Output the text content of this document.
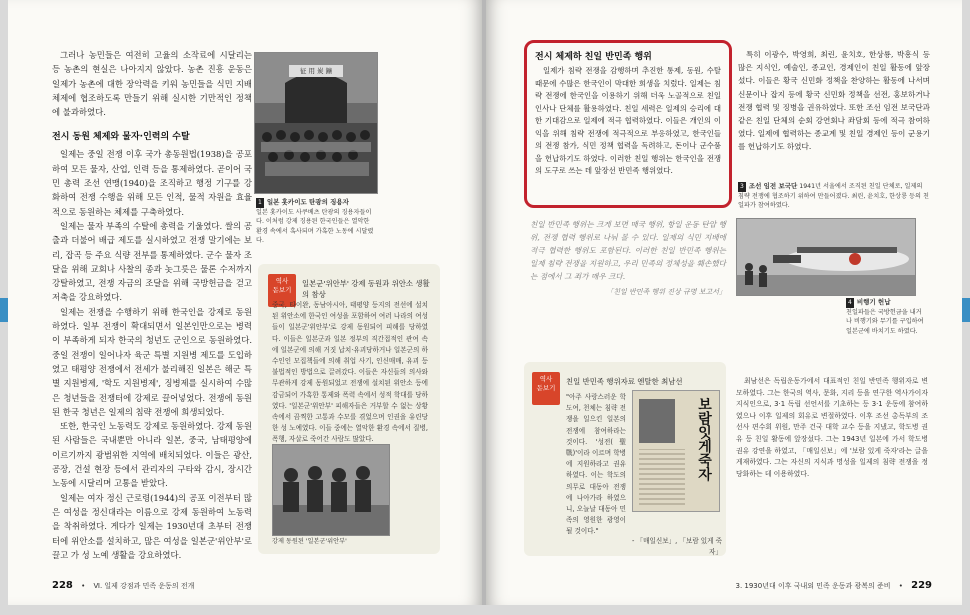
그러나 농민들은 여전히 고율의 소작료에 시달리는 등 농촌의 현실은 나아지지 않았다. 농촌 진흥 운동은 일제가 농촌에 대한 장악력을 키워 농민들을 식민 지배 체제에 협조하도록 만들기 위해 실시한 기만적인 정책에 불과하였다.

전시 동원 체제와 물자·인력의 수탈

일제는 중일 전쟁 이후 국가 총동원법(1938)을 공포하여 모든 물자, 산업, 인력 등을 통제하였다. 곧이어 국민 총력 조선 연맹(1940)을 조직하고 행정 기구를 강화하여 전쟁 수행을 위해 모든 인적, 물적 자원을 효율적으로 동원하는 체제를 구축하였다.

일제는 물자 부족의 수탈에 총력을 기울였다. 쌀의 공출과 더불어 배급 제도를 실시하였고 전쟁 말기에는 보리, 잡곡 등 주요 식량 전부를 통제하였다. 군수 물자 조달을 위해 교회나 사찰의 종과 놋그릇은 물론 수저까지 강탈하였고, 전쟁 자금의 조달을 위해 국방헌금을 걷고 저축을 강요하였다.

일제는 전쟁을 수행하기 위해 한국인을 강제로 동원하였다. 일부 전쟁이 확대되면서 일본인만으로는 병력이 부족하게 되자 한국의 청년도 군인으로 동원하였다. 중일 전쟁이 일어나자 육군 특별 지원병 제도를 도입하였고 태평양 전쟁에서 전세가 불리해진 일본은 해군 특별 지원병제, '학도 지원병제', 징병제를 실시하여 수많은 청년들을 전쟁터에 강제로 끌어넣었다. 전쟁에 동원된 한국 청년은 일제의 침략 전쟁에 희생되었다.

또한, 한국인 노동력도 강제로 동원하였다. 강제 동원된 사람들은 국내뿐만 아니라 일본, 중국, 남태평양에 이르기까지 광범위한 지역에 배치되었다. 이들은 광산, 공장, 건설 현장 등에서 관리자의 구타와 감시, 장시간 노동에 시달리며 고통을 받았다.

일제는 여자 정신 근로령(1944)의 공포 이전부터 많은 여성을 정신대라는 이름으로 강제 동원하여 노동력을 착취하였다. 게다가 일제는 1930년대 초부터 전쟁터에 위안소를 설치하고, 많은 여성을 일본군'위안부'로 끌고 가 성 노예 생활을 강요하였다.

征 用 炭 鑛
1 일본 홋카이도 탄광의 징용자
일본 홋카이도 사쿠베츠 탄광의 징용자들이다. 이처럼 강제 징용된 한국인들은 열악한 환경 속에서 혹사되며 가혹한 노동에 시달렸다.
역사
돋보기
일본군'위안부' 강제 동원과 위안소 생활의 참상
중국, 타이완, 동남아시아, 태평양 등지의 전선에 설치된 위안소에 한국인 여성을 포함하여 여러 나라의 여성들이 일본군'위안부'로 강제 동원되어 피해를 당하였다. 이들은 일본군과 일본 정부의 직간접적인 관여 속에 일본군에 의해 거짓 납치·유괴당하거나 일본군의 하수인인 모집책들에 의해 취업 사기, 인신매매, 유괴 등 불법적인 방법으로 끌려갔다. 이들은 자신들의 의사와 무관하게 강제 동원되었고 전쟁에 설치된 위안소 등에 감금되어 가혹한 통제와 폭력 속에서 성적 학대를 당하였다. '일본군'위안부' 피해자들은 거부할 수 없는 상황 속에서 끔찍한 고통과 수모를 겪었으며 인권을 유린당한 성 노예였다. 이들 중에는 열악한 환경 속에서 질병, 폭행, 자살로 죽어간 사람도 많았다.
강제 동원된 '일본군'위안부'
228 • Ⅵ. 일제 강점과 민족 운동의 전개
전시 체제하 친일 반민족 행위

일제가 침략 전쟁을 감행하며 추진한 통제, 동원, 수탈 때문에 수많은 한국인이 막대한 희생을 치렀다. 일제는 침략 전쟁에 한국인을 이용하기 위해 더욱 노골적으로 친일 인사나 단체를 활용하였다. 친일 세력은 일제의 승리에 대한 기대감으로 일제에 적극 협력하였다. 이들은 개인의 이익을 위해 침략 전쟁에 적극적으로 부응하였고, 한국인들의 전쟁 참가, 식민 정책 협력을 독려하고, 돈이나 군수품을 헌납하기도 하였다. 이러한 친일 행위는 한국인을 전쟁의 도구로 쓰는 데 앞장선 반민족 행위였다.

특히 이광수, 박영희, 최린, 윤치호, 한상룡, 박흥식 등 많은 지식인, 예술인, 종교인, 경제인이 친일 활동에 앞장섰다. 이들은 황국 신민화 정책을 찬양하는 활동에 나서며 신문이나 잡지 등에 황국 신민화 정책을 선전, 홍보하거나 전쟁 협력 및 징병을 권유하였다. 또한 조선 임전 보국단과 같은 친일 단체의 순회 강연회나 좌담회 등에 적극 참여하였다. 일제에 협력하는 종교계 및 친일 경제인 등이 군용기를 헌납하기도 하였다.

3 조선 임전 보국단 1941년 서울에서 조직된 친일 단체로, 일제의 침략 전쟁에 협조하기 위하여 만들어졌다. 최린, 윤치호, 한상룡 등의 친일파가 참여하였다.

친일 반민족 행위는 크게 보면 매국 행위, 항일 운동 탄압 행위, 전쟁 협력 행위로 나눠 볼 수 있다. 일제의 식민 지배에 적극 협력한 행위도 포함된다. 이러한 친일 반민족 행위는 일제 침략 전쟁을 지원하고, 우리 민족의 정체성을 훼손했다는 점에서 그 죄가 매우 크다.

「친일 반민족 행위 진상 규명 보고서」

4 비행기 헌납
친일파들은 국방헌금을 내거나 비행기와 무기를 구입하여 일본군에 바치기도 하였다.
역사
돋보기
친일 반민족 행위자료 엔탈한 최남선
"아주 사랑스러운 학도여, 천체는 침략 전쟁을 일으킨 일본의 전쟁에 참여하라는 것이다. '성전(聖戰)'이라 이르며 학병에 지원하라고 권유하였다. 이는 학도의 의무로 대동아 전쟁에 나아가라 하였으니, 오늘날 대동아 민족의 영원한 광영이 될 것이다."
보람잇게죽자
- 「매일신보」, 「보람 있게 죽자」

최남선은 독립운동가에서 대표적인 친일 반민족 행위자로 변모하였다. 그는 한국의 역사, 문화, 지리 등을 연구한 역사가이자 지식인으로, 3·1 독립 선언서를 기초하는 등 3·1 운동에 참여하였으나 이후 일제의 회유로 변절하였다. 이후 조선 총독부의 조선사 편수회 위원, 만주 건국 대학 교수 등을 지냈고, 학도병 권유 등 친일 활동에 앞장섰다. 그는 1943년 일본에 가서 학도병 권유 강연을 하였고, 「매일신보」에 '보람 있게 죽자'라는 글을 게재하였다. 그는 자신의 지식과 명성을 일제의 침략 전쟁을 정당화하는 데 이용하였다.

3. 1930년대 이후 국내외 민족 운동과 광복의 준비 • 229
